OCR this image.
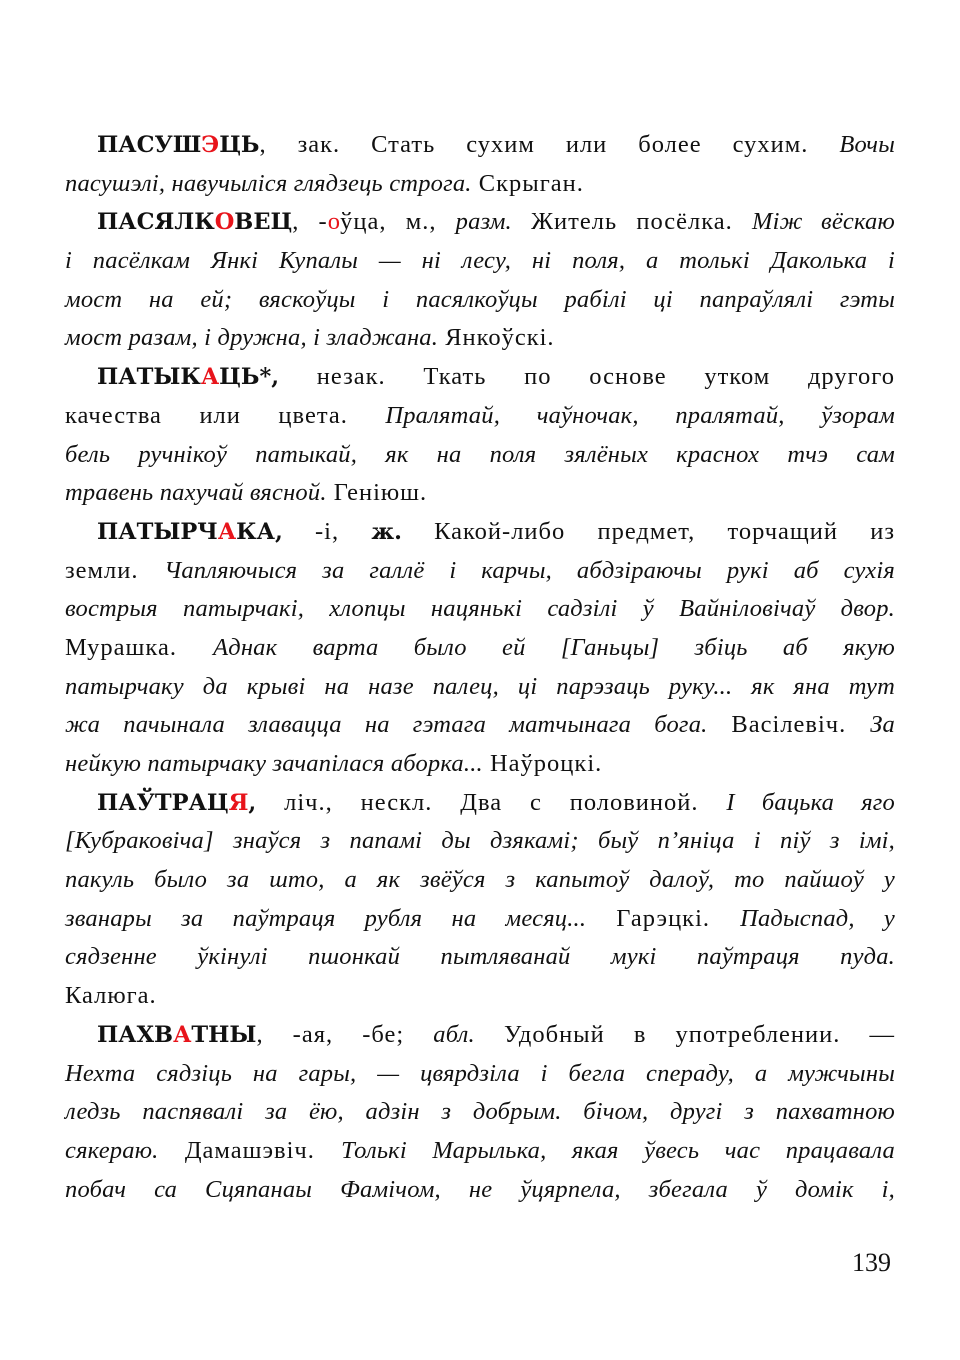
ПАСУШЭЦЬ, зак. Стать сухим или более сухим. Вочы
пасушэлі, навучыліся глядзець строга. Скрыган.
ПАСЯЛКОВЕЦ, -оўца, м., разм. Житель посёлка. Між вёскаю
і пасёлкам Янкі Купалы — ні лесу, ні поля, а толькі Даколька і
мост на ей; вяскоўцы і пасялкоўцы рабілі ці папраўлялі гэты
мост разам, і дружна, і зладжана. Янкоўскі.
ПАТЫКАЦЬ*, незак. Ткать по основе утком другого
качества или цвета. Пралятай, чаўночак, пралятай, ўзорам
бель ручнікоў патыкай, як на поля зялёных краснох тчэ сам
травень пахучай вясной. Геніюш.
ПАТЫРЧАКА, -і, ж. Какой-либо предмет, торчащий из
земли. Чапляючыся за галлё і карчы, абдзіраючы рукі аб сухія
вострыя патырчакі, хлопцы нацянькі садзілі ў Вайніловічаў двор.
Мурашка. Аднак варта было ей [Ганьцы] збіць аб якую
патырчаку да крыві на назе палец, ці парэзаць руку... як яна тут
жа пачынала злавацца на гэтага матчынага бога. Васілевіч. За
нейкую патырчаку зачапілася аборка... Наўроцкі.
ПАЎТРАЦЯ, ліч., нескл. Два с половиной. І бацька яго
[Кубраковіча] знаўся з папамі ды дзякамі; быў п’яніца і піў з імі,
пакуль было за што, а як звёўся з капытоў далоў, то пайшоў у
званары за паўтраця рубля на месяц... Гарэцкі. Падыспад, у
сядзенне ўкінулі пшонкай пытляванай мукі паўтраця пуда.
Калюга.
ПАХВАТНЫ, -ая, -бе; абл. Удобный в употреблении. —
Нехта сядзіць на гары, — цвярдзіла і бегла спераду, а мужчыны
ледзь паспявалі за ёю, адзін з добрым. бічом, другі з пахватною
сякераю. Дамашэвіч. Толькі Марылька, якая ўвесь час працавала
побач са Сцяпанаы Фамічом, не ўцярпела, збегала ў домік і,
139
